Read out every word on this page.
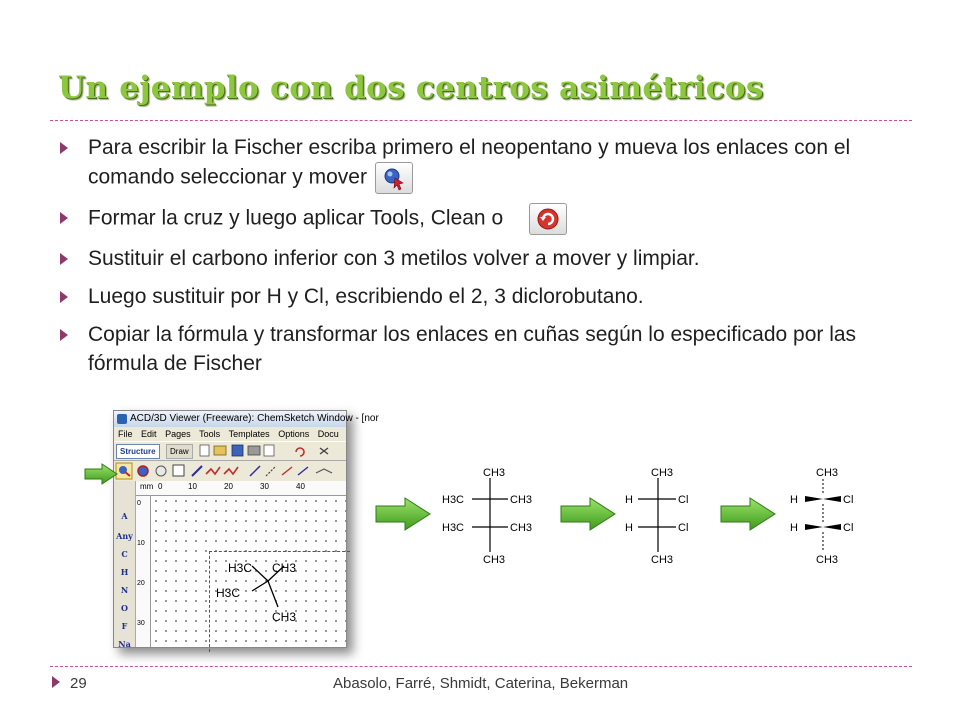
Un ejemplo con dos centros asimétricos
Para escribir la Fischer escriba primero el neopentano y mueva los enlaces con el comando seleccionar y mover
Formar la cruz y luego aplicar Tools, Clean o
Sustituir el carbono inferior con 3 metilos volver a mover y limpiar.
Luego sustituir por H y Cl, escribiendo el 2, 3 diclorobutano.
Copiar la fórmula y transformar los enlaces en cuñas según lo especificado por las fórmula de Fischer
ACD/3D Viewer (Freeware): ChemSketch Window - [nor
File Edit Pages Tools Templates Options Docu
Structure	Draw
A
Any
C
H
N
O
F
Na
mm 0	10	20	30	40
0
10
20
30
H3C CH3
H3C
CH3
CH3
H3C	CH3
H3C	CH3
CH3
CH3
H	Cl
H	Cl
CH3
CH3
H	Cl
H	Cl
CH3
29	Abasolo, Farré, Shmidt, Caterina, Bekerman
